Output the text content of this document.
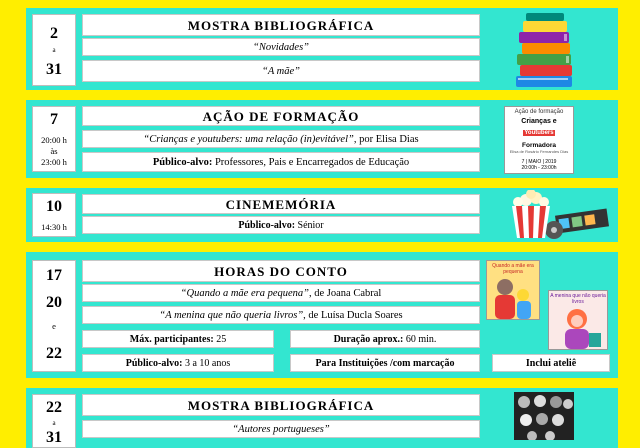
2
a
31
MOSTRA BIBLIOGRÁFICA
“Novidades”
“A mãe”
7
20:00 h
às
23:00 h
AÇÃO DE FORMAÇÃO
“Crianças e youtubers: uma relação (in)evitável”, por Elisa Dias
Público-alvo: Professores, Pais e Encarregados de Educação
Ação de formação
Crianças e Youtubers
Formadora
Elisa de Rosário Fernandes Dias
7 | MAIO | 2019
20:00h - 23:00h
10
14:30 h
CINEMEMÓRIA
Público-alvo: Sénior
17
20
e
22
HORAS DO CONTO
“Quando a mãe era pequena”, de Joana Cabral
“A menina que não queria livros”, de Luísa Ducla Soares
Máx. participantes: 25	Duração aprox.: 60 min.
Público-alvo: 3 a 10 anos	Para Instituições /com marcação	Inclui ateliê
Quando a mãe era pequena
A menina que não queria livros
22
a
31
MOSTRA BIBLIOGRÁFICA
“Autores portugueses”
